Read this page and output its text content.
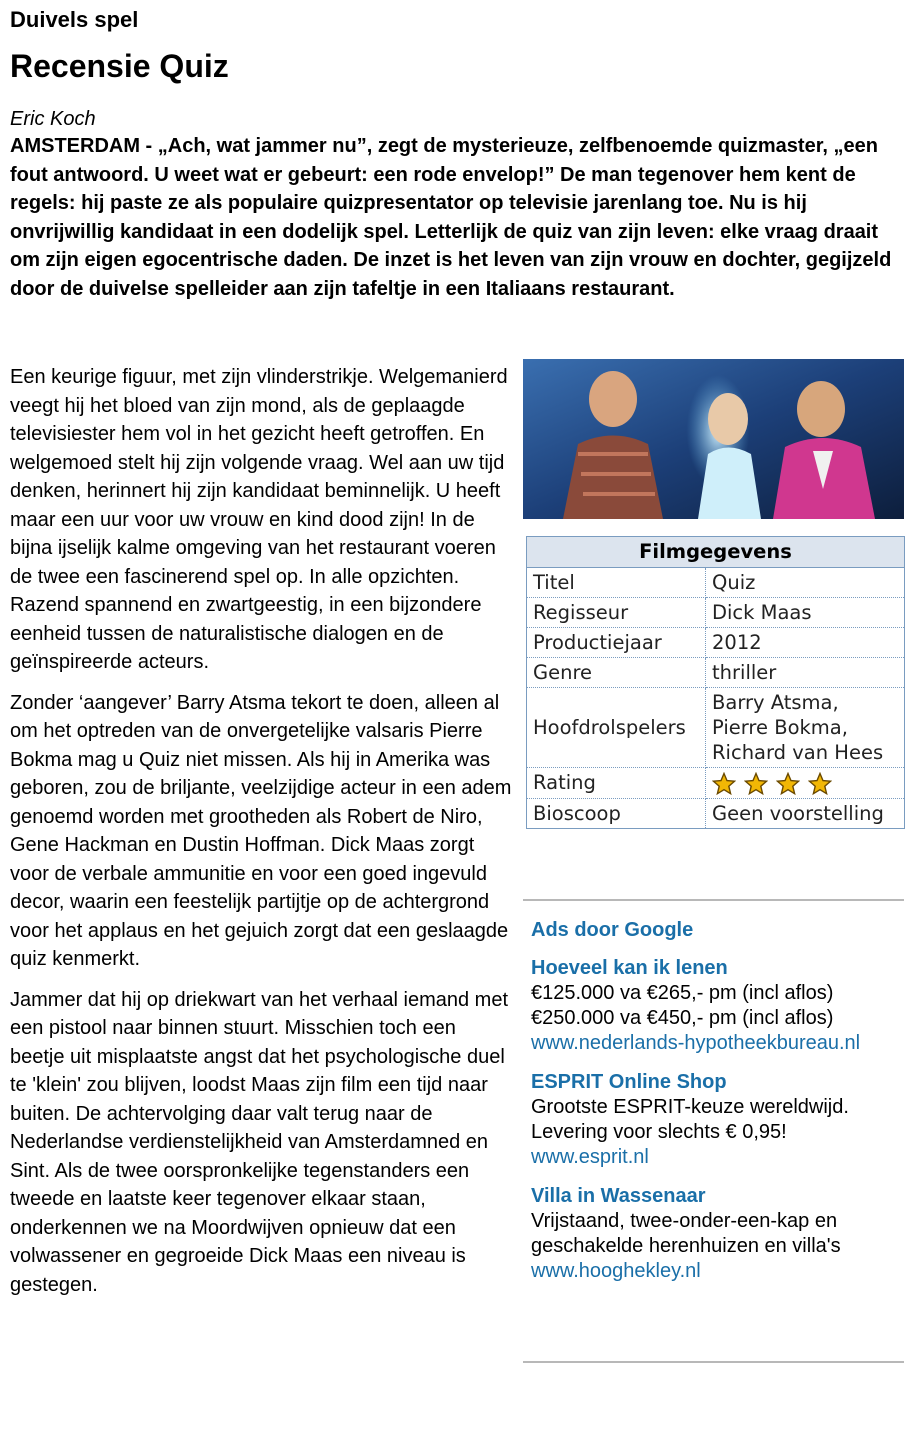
Duivels spel
Recensie Quiz
Eric Koch

AMSTERDAM - „Ach, wat jammer nu”, zegt de mysterieuze, zelfbenoemde quizmaster, „een fout antwoord. U weet wat er gebeurt: een rode envelop!” De man tegenover hem kent de regels: hij paste ze als populaire quizpresentator op televisie jarenlang toe. Nu is hij onvrijwillig kandidaat in een dodelijk spel. Letterlijk de quiz van zijn leven: elke vraag draait om zijn eigen egocentrische daden. De inzet is het leven van zijn vrouw en dochter, gegijzeld door de duivelse spelleider aan zijn tafeltje in een Italiaans restaurant.

Een keurige figuur, met zijn vlinderstrikje. Welgemanierd veegt hij het bloed van zijn mond, als de geplaagde televisiester hem vol in het gezicht heeft getroffen. En welgemoed stelt hij zijn volgende vraag. Wel aan uw tijd denken, herinnert hij zijn kandidaat beminnelijk. U heeft maar een uur voor uw vrouw en kind dood zijn! In de bijna ijselijk kalme omgeving van het restaurant voeren de twee een fascinerend spel op. In alle opzichten. Razend spannend en zwartgeestig, in een bijzondere eenheid tussen de naturalistische dialogen en de geïnspireerde acteurs.

Zonder ‘aangever’ Barry Atsma tekort te doen, alleen al om het optreden van de onvergetelijke valsaris Pierre Bokma mag u Quiz niet missen. Als hij in Amerika was geboren, zou de briljante, veelzijdige acteur in een adem genoemd worden met grootheden als Robert de Niro, Gene Hackman en Dustin Hoffman. Dick Maas zorgt voor de verbale ammunitie en voor een goed ingevuld decor, waarin een feestelijk partijtje op de achtergrond voor het applaus en het gejuich zorgt dat een geslaagde quiz kenmerkt.

Jammer dat hij op driekwart van het verhaal iemand met een pistool naar binnen stuurt. Misschien toch een beetje uit misplaatste angst dat het psychologische duel te 'klein' zou blijven, loodst Maas zijn film een tijd naar buiten. De achtervolging daar valt terug naar de Nederlandse verdienstelijkheid van Amsterdamned en Sint. Als de twee oorspronkelijke tegenstanders een tweede en laatste keer tegenover elkaar staan, onderkennen we na Moordwijven opnieuw dat een volwassener en gegroeide Dick Maas een niveau is gestegen.

Filmgegevens
Titel	Quiz
Regisseur	Dick Maas
Productiejaar	2012
Genre	thriller
Hoofdrolspelers	Barry Atsma, Pierre Bokma, Richard van Hees
Rating	

Bioscoop	Geen voorstelling
Ads door Google
Hoeveel kan ik lenen
€125.000 va €265,- pm (incl aflos) €250.000 va €450,- pm (incl aflos)
www.nederlands-hypotheekbureau.nl
ESPRIT Online Shop
Grootste ESPRIT-keuze wereldwijd. Levering voor slechts € 0,95!
www.esprit.nl
Villa in Wassenaar
Vrijstaand, twee-onder-een-kap en geschakelde herenhuizen en villa's
www.hooghekley.nl
